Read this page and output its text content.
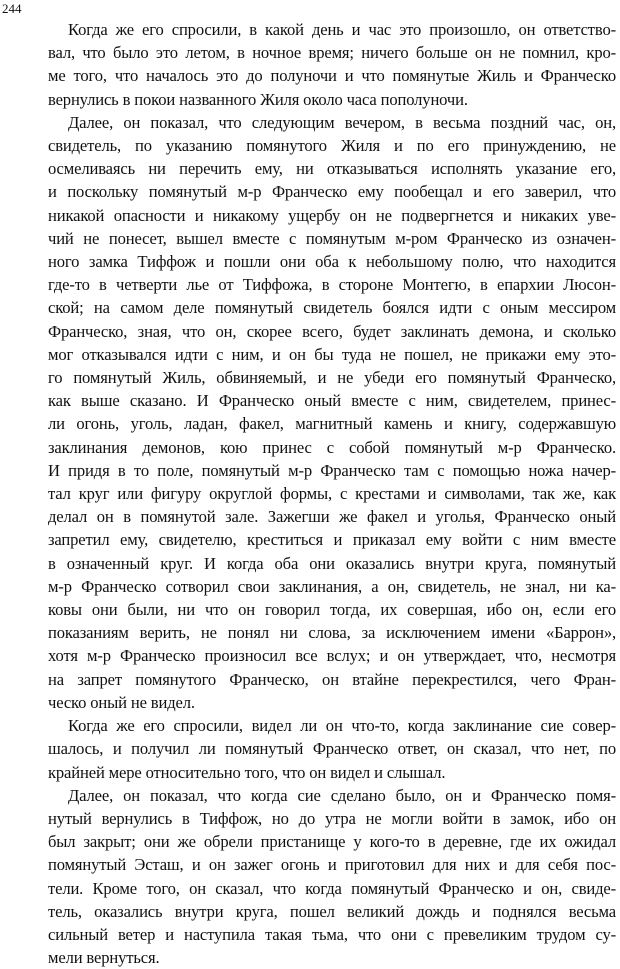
244

Когда же его спросили, в какой день и час это произошло, он ответство-
вал, что было это летом, в ночное время; ничего больше он не помнил, кро-
ме того, что началось это до полуночи и что помянутые Жиль и Франческо
вернулись в покои названного Жиля около часа пополуночи.

Далее, он показал, что следующим вечером, в весьма поздний час, он,
свидетель, по указанию помянутого Жиля и по его принуждению, не
осмеливаясь ни перечить ему, ни отказываться исполнять указание его,
и поскольку помянутый м-р Франческо ему пообещал и его заверил, что
никакой опасности и никакому ущербу он не подвергнется и никаких уве-
чий не понесет, вышел вместе с помянутым м-ром Франческо из означен-
ного замка Тиффож и пошли они оба к небольшому полю, что находится
где-то в четверти лье от Тиффожа, в стороне Монтегю, в епархии Люсон-
ской; на самом деле помянутый свидетель боялся идти с оным мессиром
Франческо, зная, что он, скорее всего, будет заклинать демона, и сколько
мог отказывался идти с ним, и он бы туда не пошел, не прикажи ему это-
го помянутый Жиль, обвиняемый, и не убеди его помянутый Франческо,
как выше сказано. И Франческо оный вместе с ним, свидетелем, принес-
ли огонь, уголь, ладан, факел, магнитный камень и книгу, содержавшую
заклинания демонов, кою принес с собой помянутый м-р Франческо.
И придя в то поле, помянутый м-р Франческо там с помощью ножа начер-
тал круг или фигуру округлой формы, с крестами и символами, так же, как
делал он в помянутой зале. Зажегши же факел и уголья, Франческо оный
запретил ему, свидетелю, креститься и приказал ему войти с ним вместе
в означенный круг. И когда оба они оказались внутри круга, помянутый
м-р Франческо сотворил свои заклинания, а он, свидетель, не знал, ни ка-
ковы они были, ни что он говорил тогда, их совершая, ибо он, если его
показаниям верить, не понял ни слова, за исключением имени «Баррон»,
хотя м-р Франческо произносил все вслух; и он утверждает, что, несмотря
на запрет помянутого Франческо, он втайне перекрестился, чего Фран-
ческо оный не видел.

Когда же его спросили, видел ли он что-то, когда заклинание сие совер-
шалось, и получил ли помянутый Франческо ответ, он сказал, что нет, по
крайней мере относительно того, что он видел и слышал.

Далее, он показал, что когда сие сделано было, он и Франческо помя-
нутый вернулись в Тиффож, но до утра не могли войти в замок, ибо он
был закрыт; они же обрели пристанище у кого-то в деревне, где их ожидал
помянутый Эсташ, и он зажег огонь и приготовил для них и для себя пос-
тели. Кроме того, он сказал, что когда помянутый Франческо и он, свиде-
тель, оказались внутри круга, пошел великий дождь и поднялся весьма
сильный ветер и наступила такая тьма, что они с превеликим трудом су-
мели вернуться.
